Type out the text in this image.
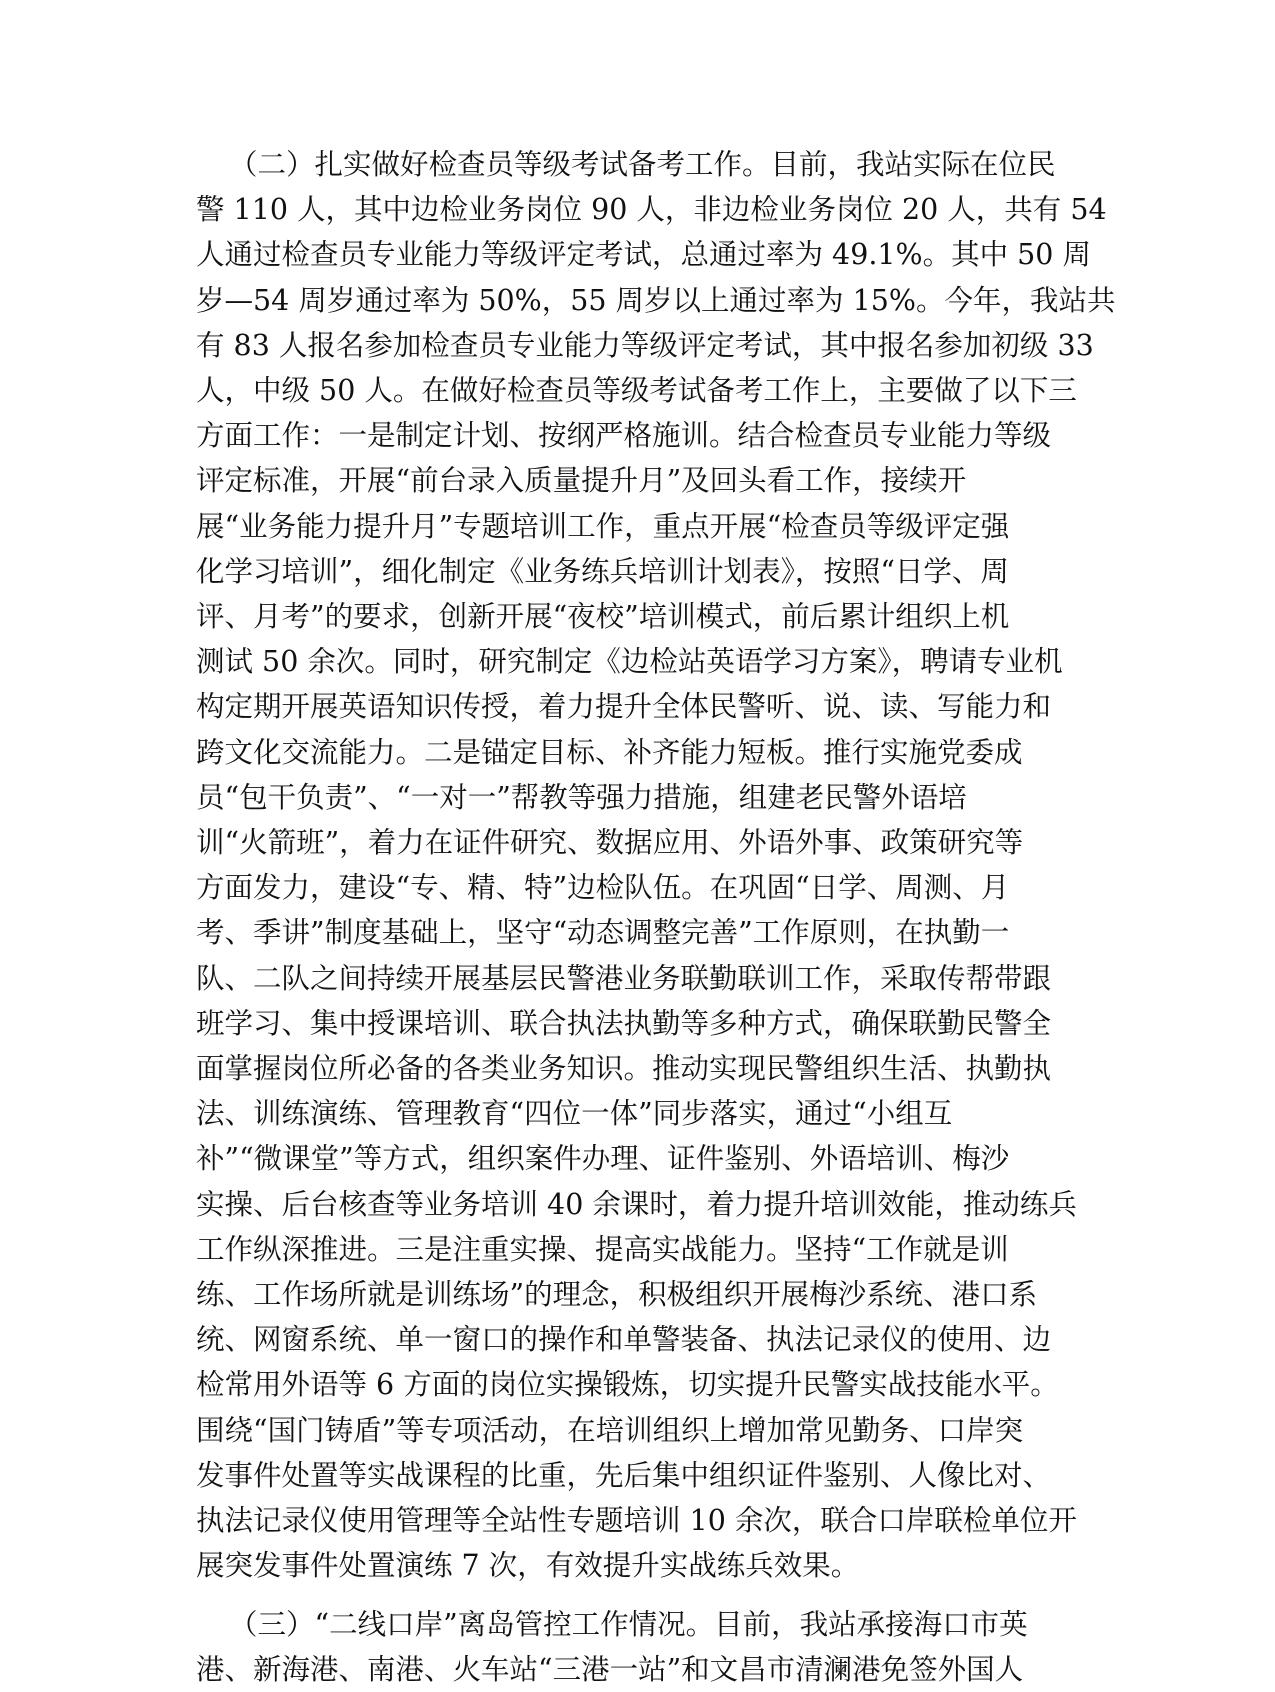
（二）扎实做好检查员等级考试备考工作。目前，我站实际在位民
警 110 人，其中边检业务岗位 90 人，非边检业务岗位 20 人，共有 54
人通过检查员专业能力等级评定考试，总通过率为 49.1%。其中 50 周
岁—54 周岁通过率为 50%，55 周岁以上通过率为 15%。今年，我站共
有 83 人报名参加检查员专业能力等级评定考试，其中报名参加初级 33
人，中级 50 人。在做好检查员等级考试备考工作上，主要做了以下三
方面工作：一是制定计划、按纲严格施训。结合检查员专业能力等级
评定标准，开展“前台录入质量提升月”及回头看工作，接续开
展“业务能力提升月”专题培训工作，重点开展“检查员等级评定强
化学习培训”，细化制定《业务练兵培训计划表》，按照“日学、周
评、月考”的要求，创新开展“夜校”培训模式，前后累计组织上机
测试 50 余次。同时，研究制定《边检站英语学习方案》，聘请专业机
构定期开展英语知识传授，着力提升全体民警听、说、读、写能力和
跨文化交流能力。二是锚定目标、补齐能力短板。推行实施党委成
员“包干负责”、“一对一”帮教等强力措施，组建老民警外语培
训“火箭班”，着力在证件研究、数据应用、外语外事、政策研究等
方面发力，建设“专、精、特”边检队伍。在巩固“日学、周测、月
考、季讲”制度基础上，坚守“动态调整完善”工作原则，在执勤一
队、二队之间持续开展基层民警港业务联勤联训工作，采取传帮带跟
班学习、集中授课培训、联合执法执勤等多种方式，确保联勤民警全
面掌握岗位所必备的各类业务知识。推动实现民警组织生活、执勤执
法、训练演练、管理教育“四位一体”同步落实，通过“小组互
补”“微课堂”等方式，组织案件办理、证件鉴别、外语培训、梅沙
实操、后台核查等业务培训 40 余课时，着力提升培训效能，推动练兵
工作纵深推进。三是注重实操、提高实战能力。坚持“工作就是训
练、工作场所就是训练场”的理念，积极组织开展梅沙系统、港口系
统、网窗系统、单一窗口的操作和单警装备、执法记录仪的使用、边
检常用外语等 6 方面的岗位实操锻炼，切实提升民警实战技能水平。
围绕“国门铸盾”等专项活动，在培训组织上增加常见勤务、口岸突
发事件处置等实战课程的比重，先后集中组织证件鉴别、人像比对、
执法记录仪使用管理等全站性专题培训 10 余次，联合口岸联检单位开
展突发事件处置演练 7 次，有效提升实战练兵效果。
（三）“二线口岸”离岛管控工作情况。目前，我站承接海口市英
港、新海港、南港、火车站“三港一站”和文昌市清澜港免签外国人
